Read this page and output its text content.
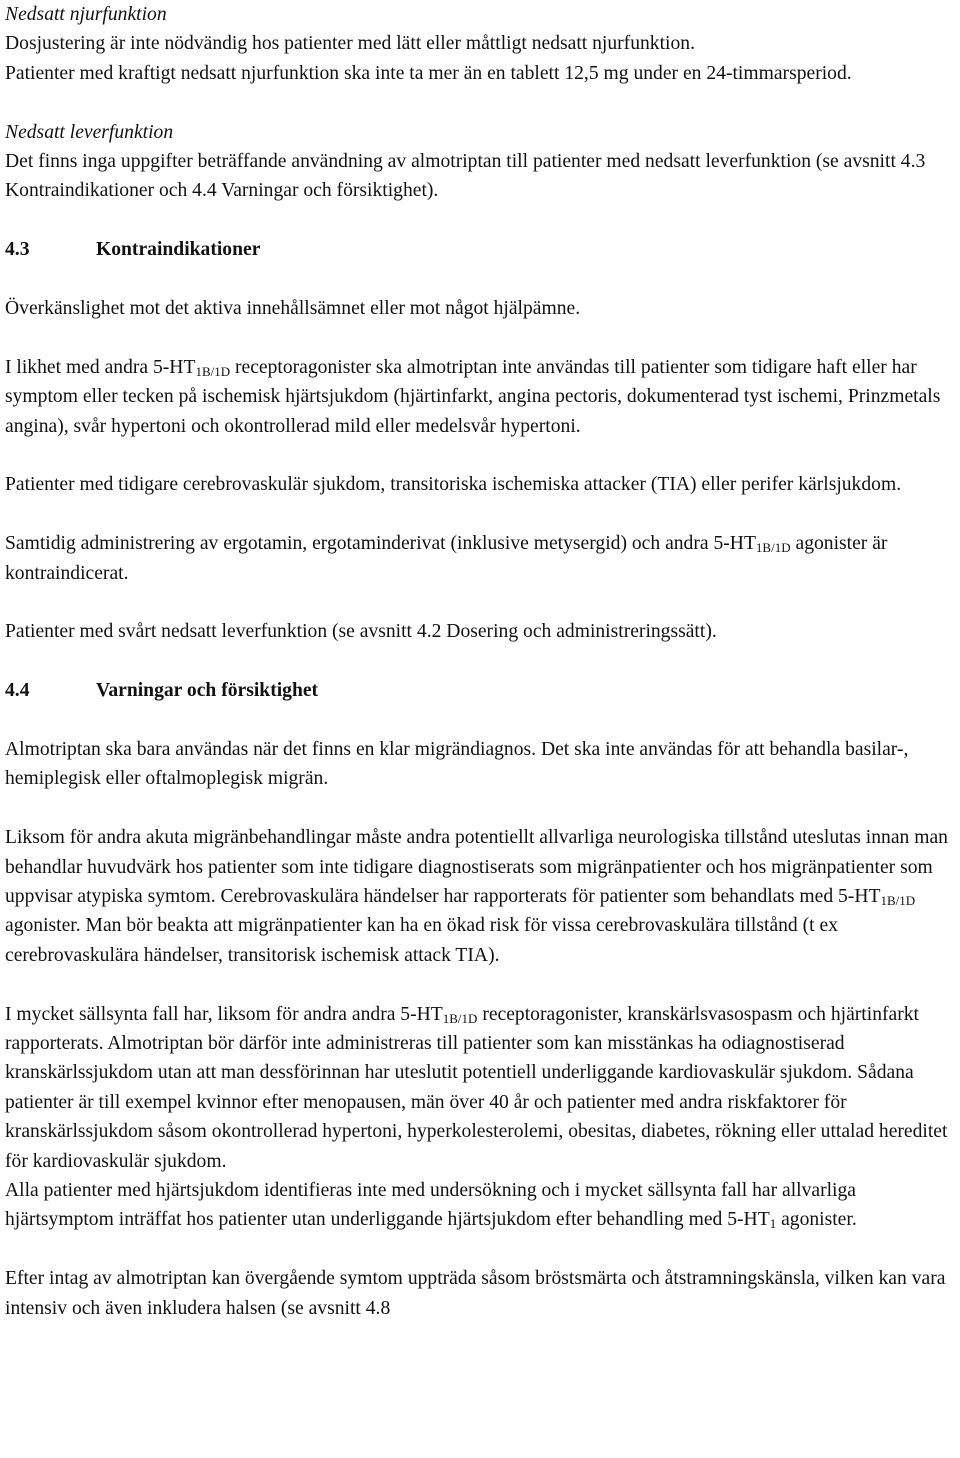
Nedsatt njurfunktion

Dosjustering är inte nödvändig hos patienter med lätt eller måttligt nedsatt njurfunktion.

Patienter med kraftigt nedsatt njurfunktion ska inte ta mer än en tablett 12,5 mg under en 24-timmarsperiod.

Nedsatt leverfunktion

Det finns inga uppgifter beträffande användning av almotriptan till patienter med nedsatt leverfunktion (se avsnitt 4.3 Kontraindikationer och 4.4 Varningar och försiktighet).

4.3	Kontraindikationer

Överkänslighet mot det aktiva innehållsämnet eller mot något hjälpämne.

I likhet med andra $5-HT_{1B/1D}$ receptoragonister ska almotriptan inte användas till patienter som tidigare haft eller har symptom eller tecken på ischemisk hjärtsjukdom (hjärtinfarkt, angina pectoris, dokumenterad tyst ischemi, Prinzmetals angina), svår hypertoni och okontrollerad mild eller medelsvår hypertoni.

Patienter med tidigare cerebrovaskulär sjukdom, transitoriska ischemiska attacker (TIA) eller perifer kärlsjukdom.

Samtidig administrering av ergotamin, ergotaminderivat (inklusive metysergid) och andra $5-HT_{1B/1D}$ agonister är kontraindicerat.

Patienter med svårt nedsatt leverfunktion (se avsnitt 4.2 Dosering och administreringssätt).

4.4	Varningar och försiktighet

Almotriptan ska bara användas när det finns en klar migrändiagnos. Det ska inte användas för att behandla basilar-, hemiplegisk eller oftalmoplegisk migrän.

Liksom för andra akuta migränbehandlingar måste andra potentiellt allvarliga neurologiska tillstånd uteslutas innan man behandlar huvudvärk hos patienter som inte tidigare diagnostiserats som migränpatienter och hos migränpatienter som uppvisar atypiska symtom. Cerebrovaskulära händelser har rapporterats för patienter som behandlats med $5-HT_{1B/1D}$ agonister. Man bör beakta att migränpatienter kan ha en ökad risk för vissa cerebrovaskulära tillstånd (t ex cerebrovaskulära händelser, transitorisk ischemisk attack TIA).

I mycket sällsynta fall har, liksom för andra andra $5-HT_{1B/1D}$ receptoragonister, kranskärlsvasospasm och hjärtinfarkt rapporterats. Almotriptan bör därför inte administreras till patienter som kan misstänkas ha odiagnostiserad kranskärlssjukdom utan att man dessförinnan har uteslutit potentiell underliggande kardiovaskulär sjukdom. Sådana patienter är till exempel kvinnor efter menopausen, män över 40 år och patienter med andra riskfaktorer för kranskärlssjukdom såsom okontrollerad hypertoni, hyperkolesterolemi, obesitas, diabetes, rökning eller uttalad hereditet för kardiovaskulär sjukdom.

Alla patienter med hjärtsjukdom identifieras inte med undersökning och i mycket sällsynta fall har allvarliga hjärtsymptom inträffat hos patienter utan underliggande hjärtsjukdom efter behandling med $5-HT_1$ agonister.

Efter intag av almotriptan kan övergående symtom uppträda såsom bröstsmärta och åtstramningskänsla, vilken kan vara intensiv och även inkludera halsen (se avsnitt 4.8
